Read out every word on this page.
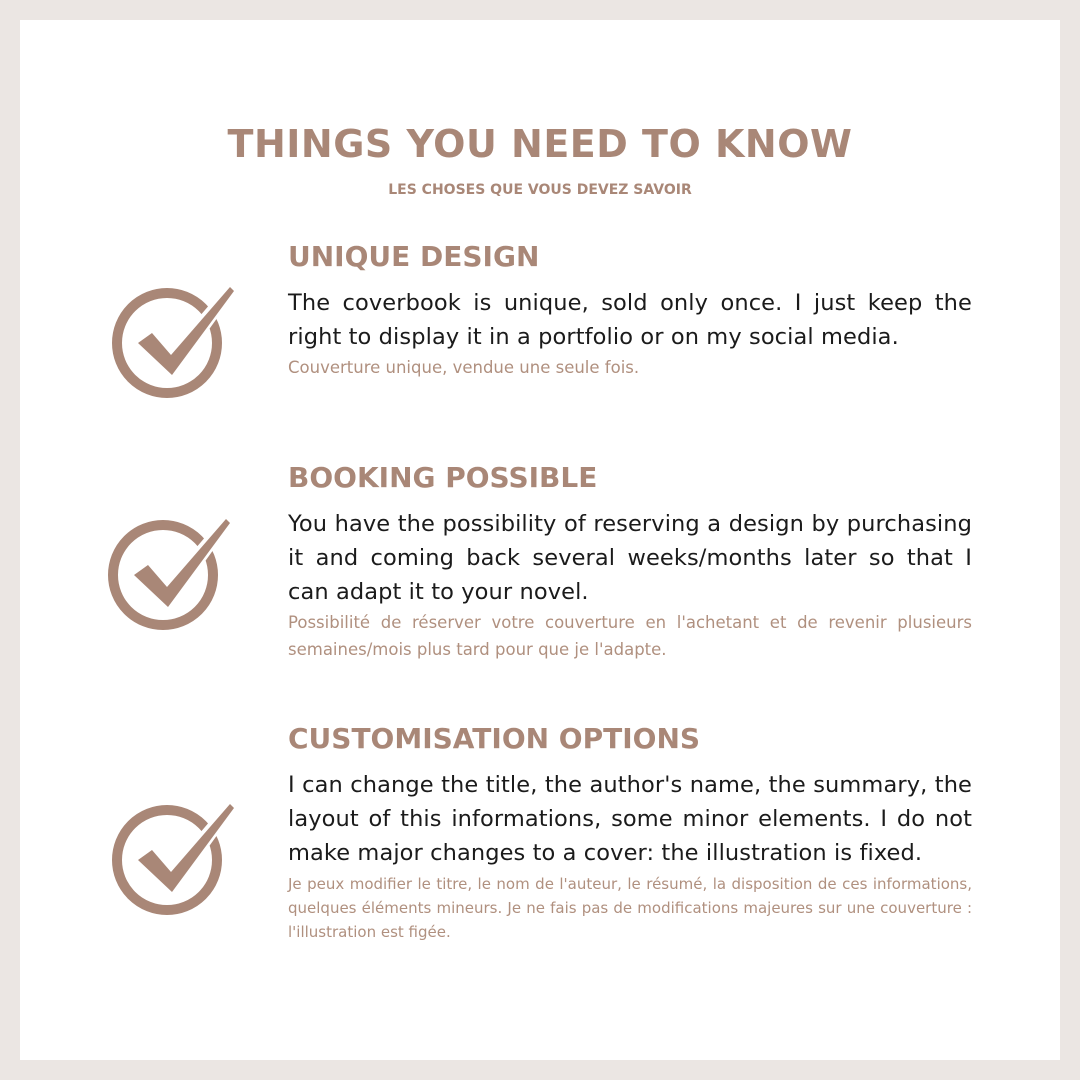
THINGS YOU NEED TO KNOW

LES CHOSES QUE VOUS DEVEZ SAVOIR

UNIQUE DESIGN

The coverbook is unique, sold only once. I just keep the right to display it in a portfolio or on my social media.

Couverture unique, vendue une seule fois.

BOOKING POSSIBLE

You have the possibility of reserving a design by purchasing it and coming back several weeks/months later so that I can adapt it to your novel.

Possibilité de réserver votre couverture en l'achetant et de revenir plusieurs semaines/mois plus tard pour que je l'adapte.

CUSTOMISATION OPTIONS

I can change the title, the author's name, the summary, the layout of this informations, some minor elements. I do not make major changes to a cover: the illustration is fixed.

Je peux modifier le titre, le nom de l'auteur, le résumé, la disposition de ces informations, quelques éléments mineurs. Je ne fais pas de modifications majeures sur une couverture : l'illustration est figée.
